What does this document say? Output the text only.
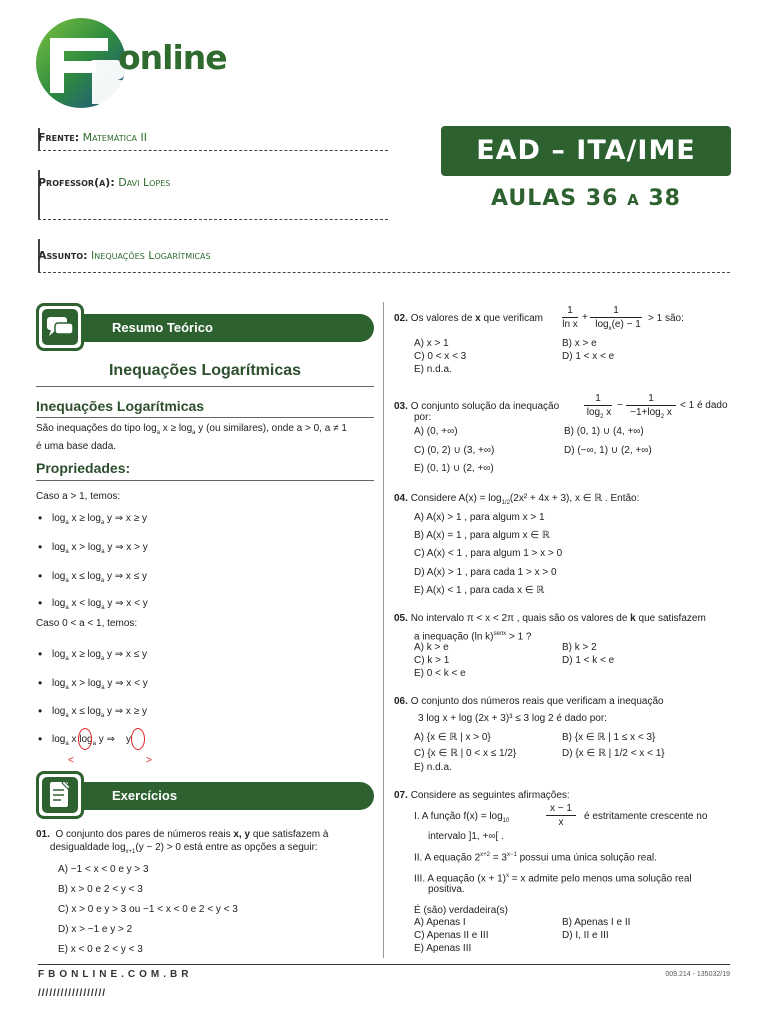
online
Frente: Matemática II
Professor(a): Davi Lopes
Assunto: Inequações Logarítmicas
EAD – ITA/IME
AULAS 36 A 38
Resumo Teórico
Inequações Logarítmicas
Inequações Logarítmicas
São inequações do tipo $\log_a x \ge \log_a y$ (ou similares), onde a > 0, a ≠ 1
é uma base dada.
Propriedades:
Caso a > 1, temos:
• $\log_a x \ge \log_a y$ ⇒ x ≥ y
• $\log_a x > \log_a y$ ⇒ x > y
• $\log_a x \le \log_a y$ ⇒ x ≤ y
• $\log_a x < \log_a y$ ⇒ x < y
Caso 0 < a < 1, temos:
• $\log_a x \ge \log_a y$ ⇒ x ≤ y
• $\log_a x > \log_a y$ ⇒ x < y
• $\log_a x \le \log_a y$ ⇒ x ≥ y
• $\log_a x$ $\log_a y$ ⇒    y
<	>
Exercícios
01. O conjunto dos pares de números reais x, y que satisfazem à
desigualdade $\log_{x+1}(y - 2) > 0$ está entre as opções a seguir:
A) −1 < x < 0 e y > 3
B) x > 0 e 2 < y < 3
C) x > 0 e y > 3 ou −1 < x < 0 e 2 < y < 3
D) x > −1 e y > 2
E) x < 0 e 2 < y < 3
02. Os valores de x que verificam
1
ln x
+
1
$\log_x(e) - 1$
> 1 são:
A) x > 1	B) x > e
C) 0 < x < 3	D) 1 < x < e
E) n.d.a.
03. O conjunto solução da inequação
1
$\log_2 x$
−
1
$-1+\log_2$ x
< 1 é dado
por:
A) (0, +∞)	B) (0, 1) ∪ (4, +∞)
C) (0, 2) ∪ (3, +∞)	D) (−∞, 1) ∪ (2, +∞)
E) (0, 1) ∪ (2, +∞)
04. Considere $A(x) = \log_{1/2}(2x^2 + 4x + 3)$, x ∈ ℝ . Então:
A) A(x) > 1 , para algum x > 1
B) A(x) = 1 , para algum x ∈ ℝ
C) A(x) < 1 , para algum 1 > x > 0
D) A(x) > 1 , para cada 1 > x > 0
E) A(x) < 1 , para cada x ∈ ℝ
05. No intervalo π < x < 2π , quais são os valores de k que satisfazem
a inequação (ln k)$^{senx}$ > 1 ?
A) k > e	B) k > 2
C) k > 1	D) 1 < k < e
E) 0 < k < e
06. O conjunto dos números reais que verificam a inequação
3 log x + log (2x + 3)³ ≤ 3 log 2 é dado por:
A) {x ∈ ℝ | x > 0}	B) {x ∈ ℝ | 1 ≤ x < 3}
C) {x ∈ ℝ | 0 < x ≤ 1/2}	D) {x ∈ ℝ | 1/2 < x < 1}
E) n.d.a.
07. Considere as seguintes afirmações:
I. A função $f(x) = \log_{10}$
x − 1
x
é estritamente crescente no
intervalo ]1, +∞[ .
II. A equação $2^{x+2} = 3^{x-1}$ possui uma única solução real.
III. A equação $(x + 1)^x = x$ admite pelo menos uma solução real
positiva.
É (são) verdadeira(s)
A) Apenas I	B) Apenas I e II
C) Apenas II e III	D) I, II e III
E) Apenas III
FBONLINE.COM.BR
//////////////////
009.214 - 135032/19
